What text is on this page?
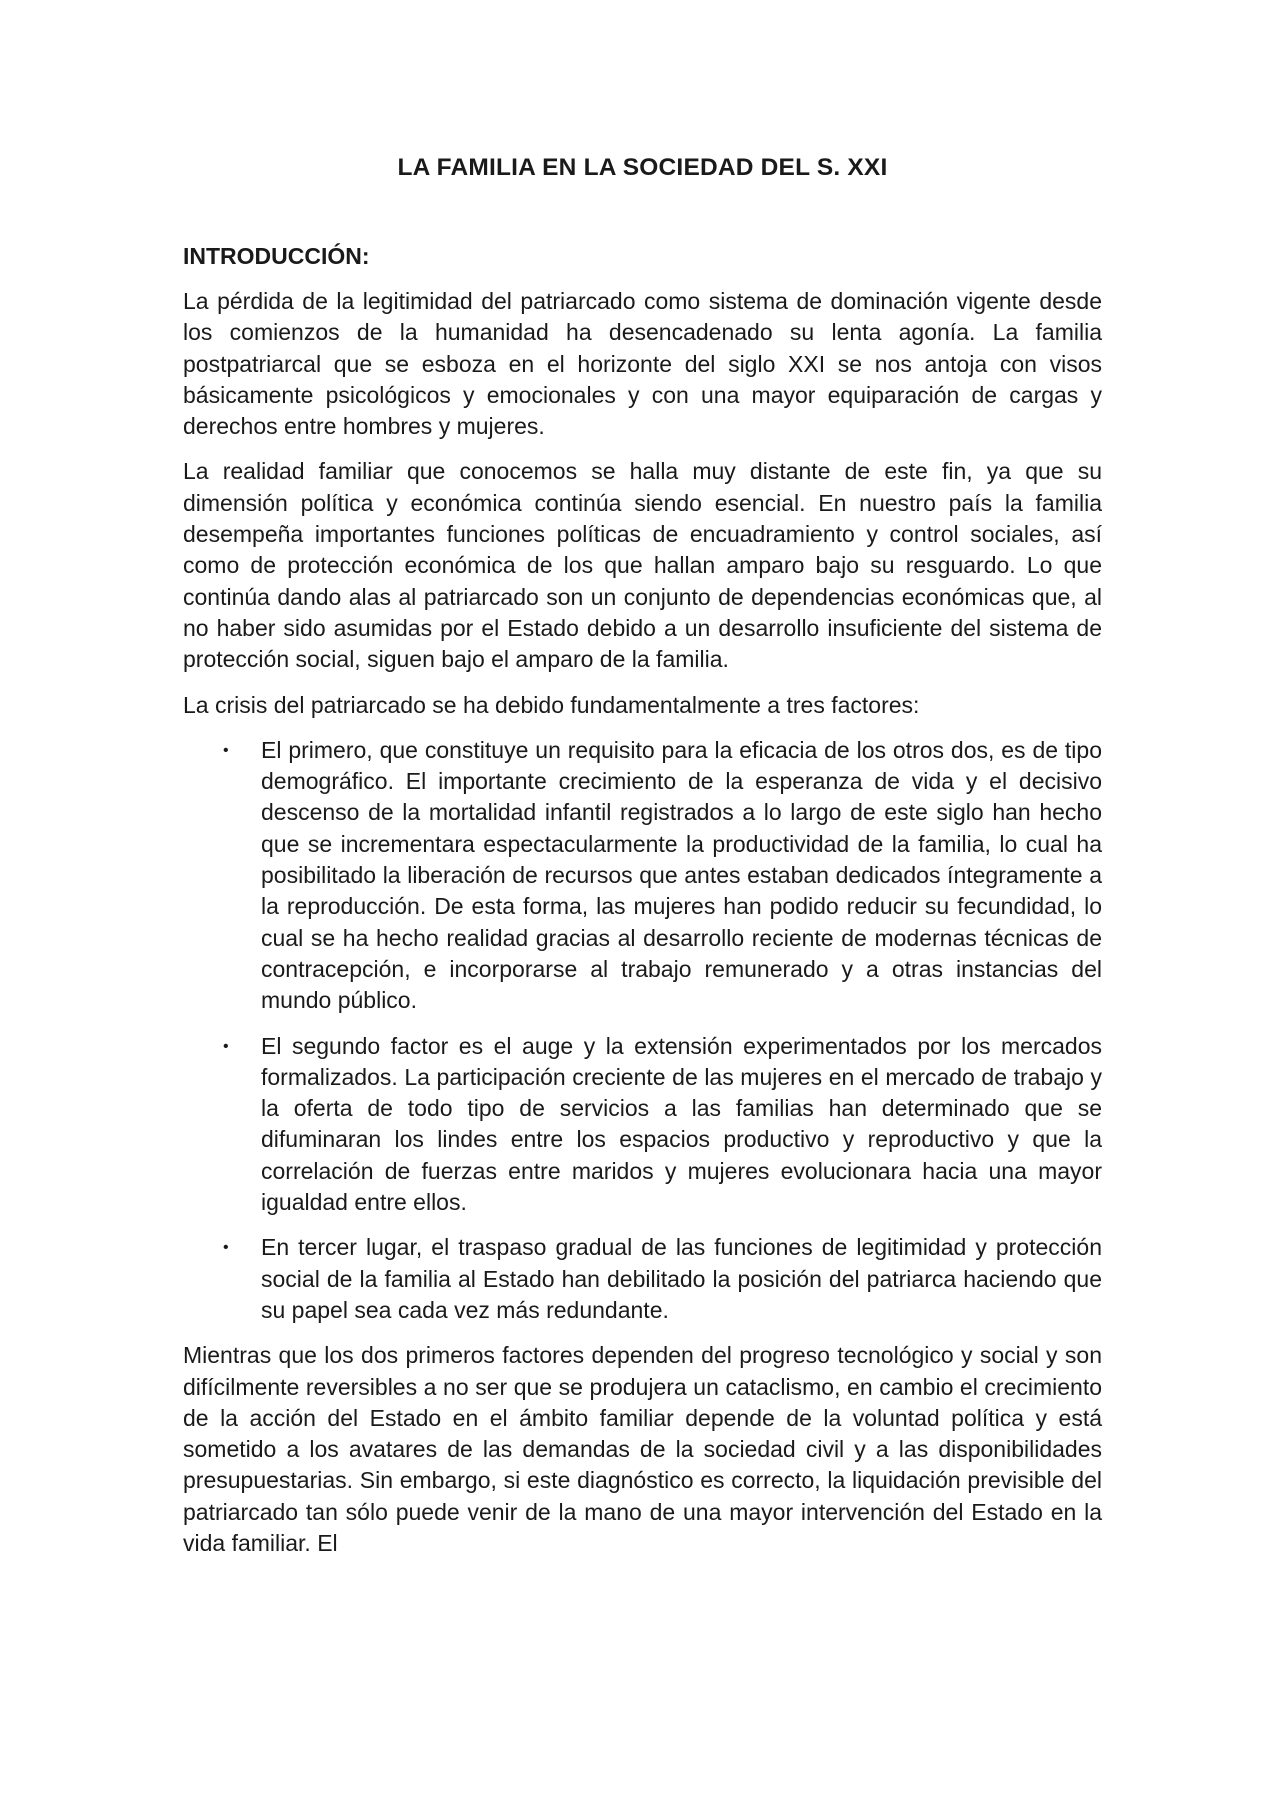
LA FAMILIA EN LA SOCIEDAD DEL S. XXI
INTRODUCCIÓN:

La pérdida de la legitimidad del patriarcado como sistema de dominación vigente desde los comienzos de la humanidad ha desencadenado su lenta agonía. La familia postpatriarcal que se esboza en el horizonte del siglo XXI se nos antoja con visos básicamente psicológicos y emocionales y con una mayor equiparación de cargas y derechos entre hombres y mujeres.

La realidad familiar que conocemos se halla muy distante de este fin, ya que su dimensión política y económica continúa siendo esencial. En nuestro país la familia desempeña importantes funciones políticas de encuadramiento y control sociales, así como de protección económica de los que hallan amparo bajo su resguardo. Lo que continúa dando alas al patriarcado son un conjunto de dependencias económicas que, al no haber sido asumidas por el Estado debido a un desarrollo insuficiente del sistema de protección social, siguen bajo el amparo de la familia.

La crisis del patriarcado se ha debido fundamentalmente a tres factores:

• El primero, que constituye un requisito para la eficacia de los otros dos, es de tipo demográfico. El importante crecimiento de la esperanza de vida y el decisivo descenso de la mortalidad infantil registrados a lo largo de este siglo han hecho que se incrementara espectacularmente la productividad de la familia, lo cual ha posibilitado la liberación de recursos que antes estaban dedicados íntegramente a la reproducción. De esta forma, las mujeres han podido reducir su fecundidad, lo cual se ha hecho realidad gracias al desarrollo reciente de modernas técnicas de contracepción, e incorporarse al trabajo remunerado y a otras instancias del mundo público.
• El segundo factor es el auge y la extensión experimentados por los mercados formalizados. La participación creciente de las mujeres en el mercado de trabajo y la oferta de todo tipo de servicios a las familias han determinado que se difuminaran los lindes entre los espacios productivo y reproductivo y que la correlación de fuerzas entre maridos y mujeres evolucionara hacia una mayor igualdad entre ellos.
• En tercer lugar, el traspaso gradual de las funciones de legitimidad y protección social de la familia al Estado han debilitado la posición del patriarca haciendo que su papel sea cada vez más redundante.

Mientras que los dos primeros factores dependen del progreso tecnológico y social y son difícilmente reversibles a no ser que se produjera un cataclismo, en cambio el crecimiento de la acción del Estado en el ámbito familiar depende de la voluntad política y está sometido a los avatares de las demandas de la sociedad civil y a las disponibilidades presupuestarias. Sin embargo, si este diagnóstico es correcto, la liquidación previsible del patriarcado tan sólo puede venir de la mano de una mayor intervención del Estado en la vida familiar. El
